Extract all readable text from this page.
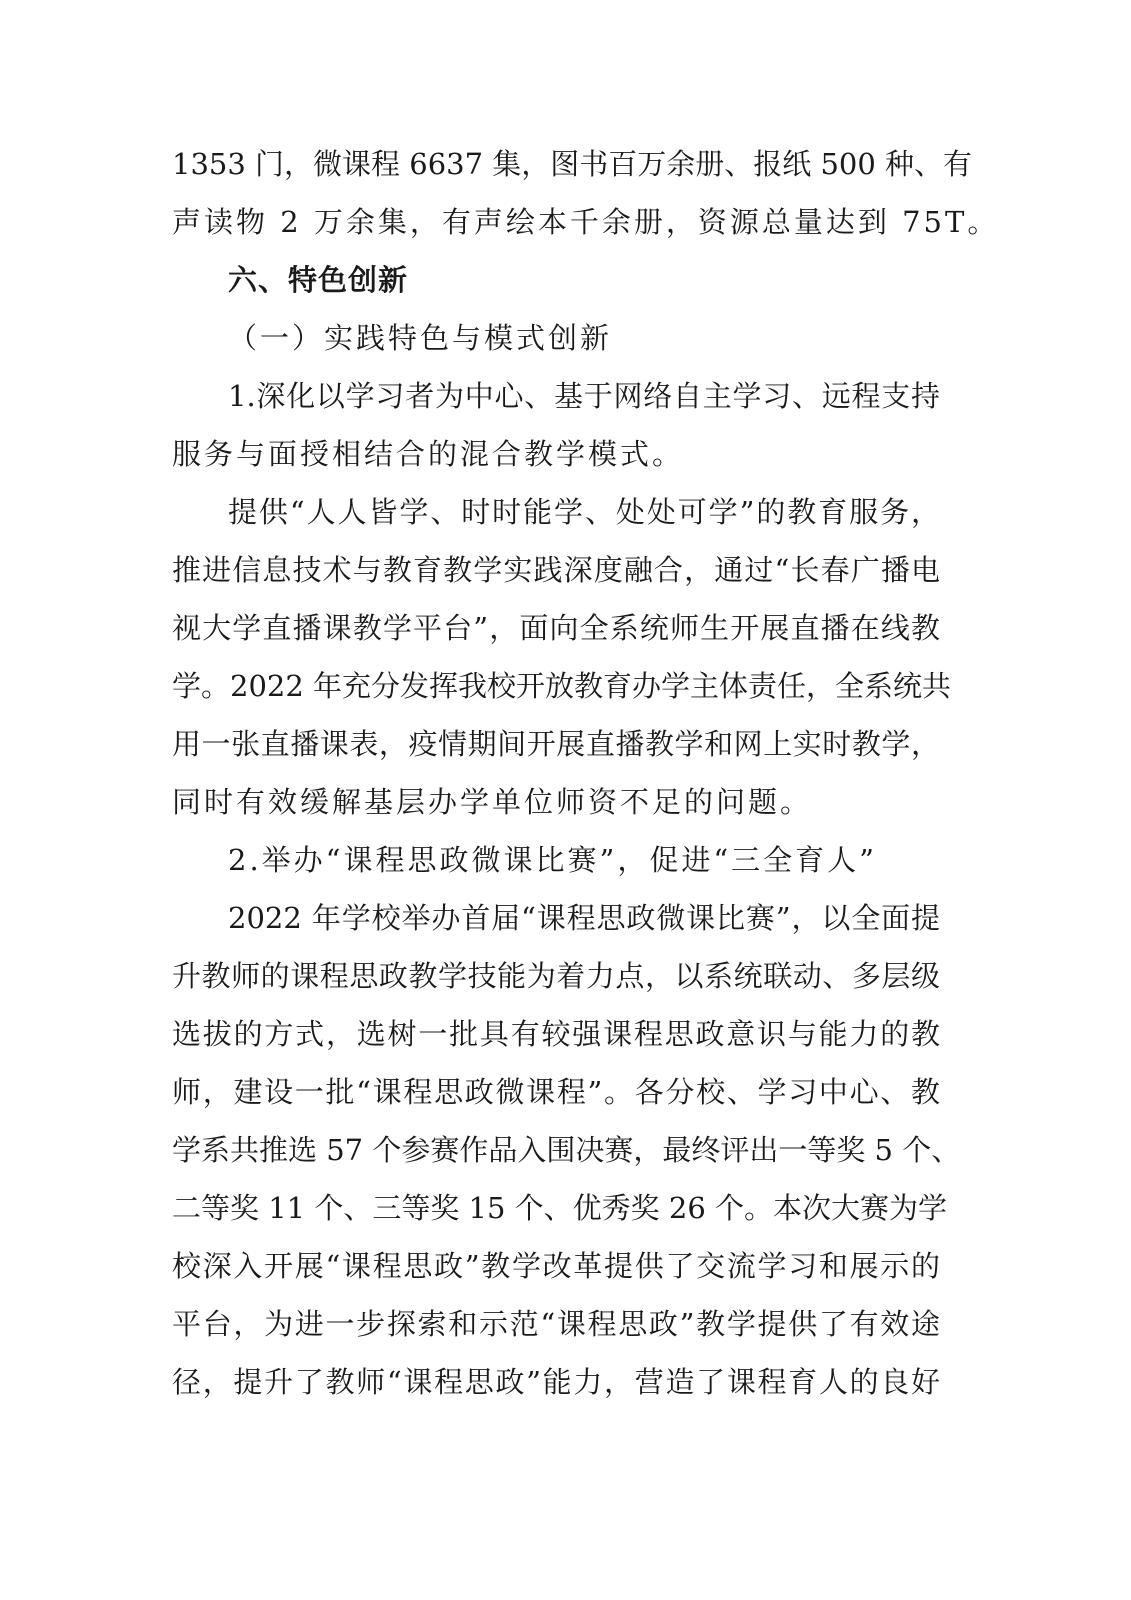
1353 门，微课程 6637 集，图书百万余册、报纸 500 种、有
声读物 2 万余集，有声绘本千余册，资源总量达到 75T。
六、特色创新
（一）实践特色与模式创新
1.深化以学习者为中心、基于网络自主学习、远程支持
服务与面授相结合的混合教学模式。
提供“人人皆学、时时能学、处处可学”的教育服务，
推进信息技术与教育教学实践深度融合，通过“长春广播电
视大学直播课教学平台”，面向全系统师生开展直播在线教
学。2022 年充分发挥我校开放教育办学主体责任，全系统共
用一张直播课表，疫情期间开展直播教学和网上实时教学，
同时有效缓解基层办学单位师资不足的问题。
2.举办“课程思政微课比赛”，促进“三全育人”
2022 年学校举办首届“课程思政微课比赛”，以全面提
升教师的课程思政教学技能为着力点，以系统联动、多层级
选拔的方式，选树一批具有较强课程思政意识与能力的教
师，建设一批“课程思政微课程”。各分校、学习中心、教
学系共推选 57 个参赛作品入围决赛，最终评出一等奖 5 个、
二等奖 11 个、三等奖 15 个、优秀奖 26 个。本次大赛为学
校深入开展“课程思政”教学改革提供了交流学习和展示的
平台，为进一步探索和示范“课程思政”教学提供了有效途
径，提升了教师“课程思政”能力，营造了课程育人的良好
